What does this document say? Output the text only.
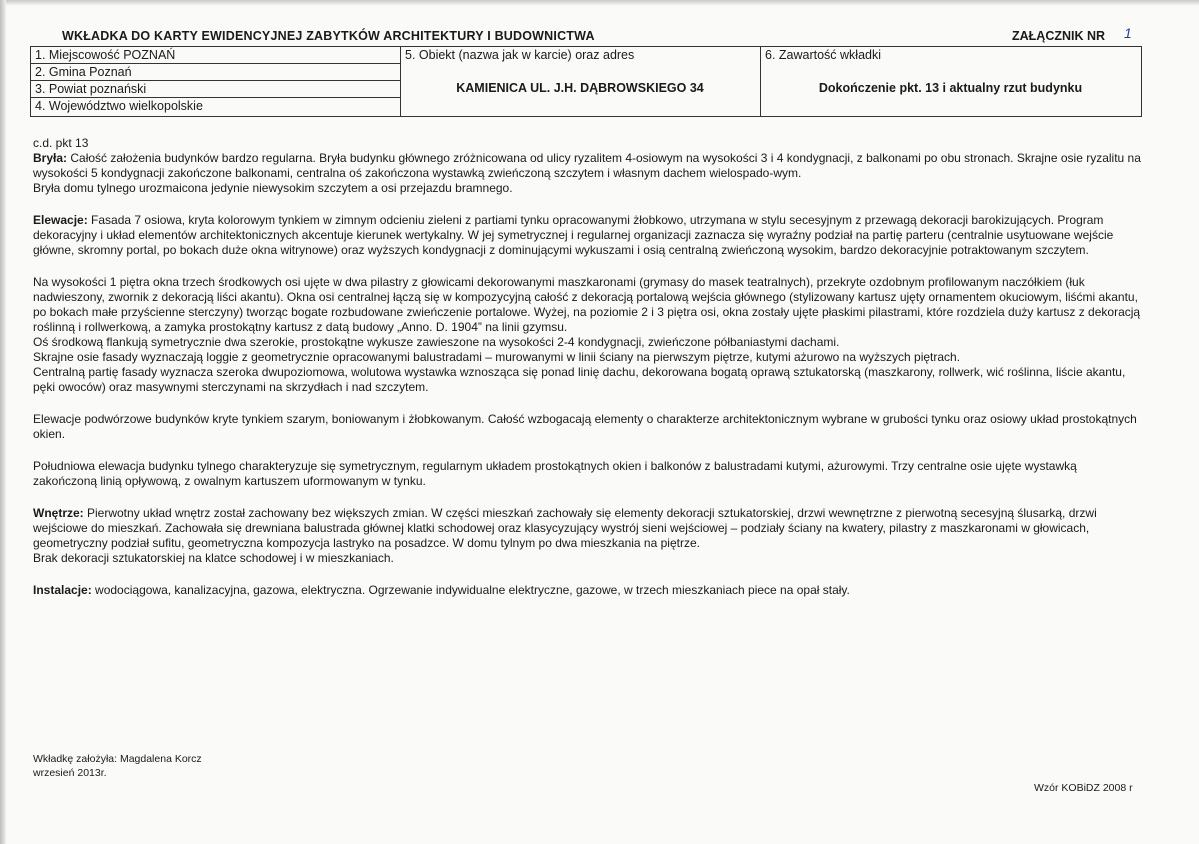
WKŁADKA DO KARTY EWIDENCYJNEJ ZABYTKÓW ARCHITEKTURY I BUDOWNICTWA	ZAŁĄCZNIK NR 1
1. Miejscowość POZNAŃ
2. Gmina Poznań
3. Powiat poznański
4. Województwo wielkopolskie
5. Obiekt (nazwa jak w karcie) oraz adres
KAMIENICA UL. J.H. DĄBROWSKIEGO 34
6. Zawartość wkładki
Dokończenie pkt. 13 i aktualny rzut budynku

c.d. pkt 13

Bryła: Całość założenia budynków bardzo regularna. Bryła budynku głównego zróżnicowana od ulicy ryzalitem 4-osiowym na wysokości 3 i 4 kondygnacji, z balkonami po obu stronach. Skrajne osie ryzalitu na wysokości 5 kondygnacji zakończone balkonami, centralna oś zakończona wystawką zwieńczoną szczytem i własnym dachem wielospado-wym.

Bryła domu tylnego urozmaicona jedynie niewysokim szczytem a osi przejazdu bramnego.

Elewacje: Fasada 7 osiowa, kryta kolorowym tynkiem w zimnym odcieniu zieleni z partiami tynku opracowanymi żłobkowo, utrzymana w stylu secesyjnym z przewagą dekoracji barokizujących. Program dekoracyjny i układ elementów architektonicznych akcentuje kierunek wertykalny. W jej symetrycznej i regularnej organizacji zaznacza się wyraźny podział na partię parteru (centralnie usytuowane wejście główne, skromny portal, po bokach duże okna witrynowe) oraz wyższych kondygnacji z dominującymi wykuszami i osią centralną zwieńczoną wysokim, bardzo dekoracyjnie potraktowanym szczytem.

Na wysokości 1 piętra okna trzech środkowych osi ujęte w dwa pilastry z głowicami dekorowanymi maszkaronami (grymasy do masek teatralnych), przekryte ozdobnym profilowanym naczółkiem (łuk nadwieszony, zwornik z dekoracją liści akantu). Okna osi centralnej łączą się w kompozycyjną całość z dekoracją portalową wejścia głównego (stylizowany kartusz ujęty ornamentem okuciowym, liśćmi akantu, po bokach małe przyścienne sterczyny) tworząc bogate rozbudowane zwieńczenie portalowe. Wyżej, na poziomie 2 i 3 piętra osi, okna zostały ujęte płaskimi pilastrami, które rozdziela duży kartusz z dekoracją roślinną i rollwerkową, a zamyka prostokątny kartusz z datą budowy „Anno. D. 1904” na linii gzymsu.

Oś środkową flankują symetrycznie dwa szerokie, prostokątne wykusze zawieszone na wysokości 2-4 kondygnacji, zwieńczone półbaniastymi dachami.

Skrajne osie fasady wyznaczają loggie z geometrycznie opracowanymi balustradami – murowanymi w linii ściany na pierwszym piętrze, kutymi ażurowo na wyższych piętrach.

Centralną partię fasady wyznacza szeroka dwupoziomowa, wolutowa wystawka wznosząca się ponad linię dachu, dekorowana bogatą oprawą sztukatorską (maszkarony, rollwerk, wić roślinna, liście akantu, pęki owoców) oraz masywnymi sterczynami na skrzydłach i nad szczytem.

Elewacje podwórzowe budynków kryte tynkiem szarym, boniowanym i żłobkowanym. Całość wzbogacają elementy o charakterze architektonicznym wybrane w grubości tynku oraz osiowy układ prostokątnych okien.

Południowa elewacja budynku tylnego charakteryzuje się symetrycznym, regularnym układem prostokątnych okien i balkonów z balustradami kutymi, ażurowymi. Trzy centralne osie ujęte wystawką zakończoną linią opływową, z owalnym kartuszem uformowanym w tynku.

Wnętrze: Pierwotny układ wnętrz został zachowany bez większych zmian. W części mieszkań zachowały się elementy dekoracji sztukatorskiej, drzwi wewnętrzne z pierwotną secesyjną ślusarką, drzwi wejściowe do mieszkań. Zachowała się drewniana balustrada głównej klatki schodowej oraz klasycyzujący wystrój sieni wejściowej – podziały ściany na kwatery, pilastry z maszkaronami w głowicach, geometryczny podział sufitu, geometryczna kompozycja lastryko na posadzce. W domu tylnym po dwa mieszkania na piętrze.

Brak dekoracji sztukatorskiej na klatce schodowej i w mieszkaniach.

Instalacje: wodociągowa, kanalizacyjna, gazowa, elektryczna. Ogrzewanie indywidualne elektryczne, gazowe, w trzech mieszkaniach piece na opał stały.

Wkładkę założyła: Magdalena Korcz
wrzesień 2013r.
Wzór KOBiDZ 2008 r
